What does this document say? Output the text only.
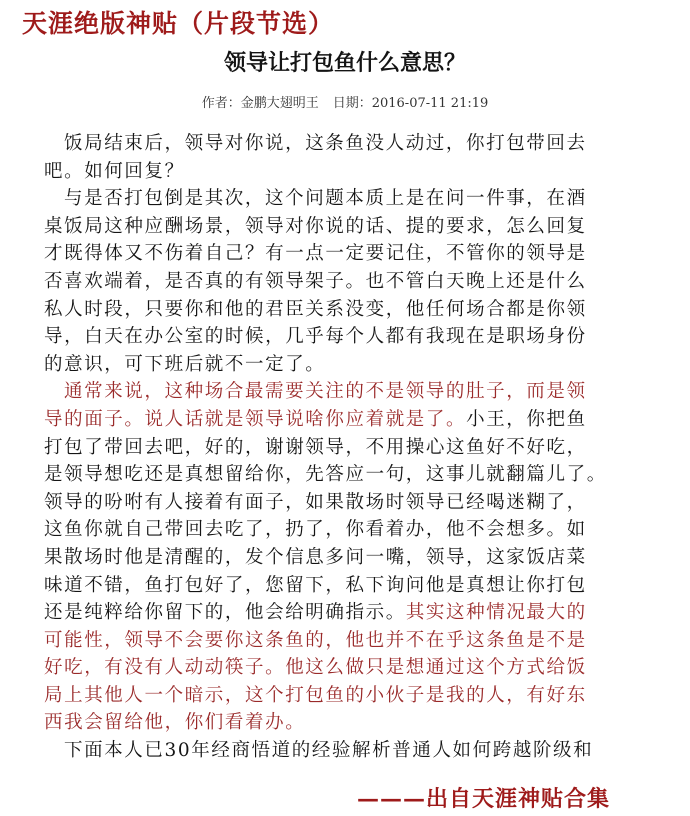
天涯绝版神贴（片段节选）
领导让打包鱼什么意思？
作者：金鹏大翅明王 日期：2016-07-11 21:19
饭局结束后，领导对你说，这条鱼没人动过，你打包带回去
吧。如何回复？
与是否打包倒是其次，这个问题本质上是在问一件事，在酒
桌饭局这种应酬场景，领导对你说的话、提的要求，怎么回复
才既得体又不伤着自己？有一点一定要记住，不管你的领导是
否喜欢端着，是否真的有领导架子。也不管白天晚上还是什么
私人时段，只要你和他的君臣关系没变，他任何场合都是你领
导，白天在办公室的时候，几乎每个人都有我现在是职场身份
的意识，可下班后就不一定了。
通常来说，这种场合最需要关注的不是领导的肚子，而是领
导的面子。说人话就是领导说啥你应着就是了。小王，你把鱼
打包了带回去吧，好的，谢谢领导，不用操心这鱼好不好吃，
是领导想吃还是真想留给你，先答应一句，这事儿就翻篇儿了。
领导的吩咐有人接着有面子，如果散场时领导已经喝迷糊了，
这鱼你就自己带回去吃了，扔了，你看着办，他不会想多。如
果散场时他是清醒的，发个信息多问一嘴，领导，这家饭店菜
味道不错，鱼打包好了，您留下，私下询问他是真想让你打包
还是纯粹给你留下的，他会给明确指示。其实这种情况最大的
可能性，领导不会要你这条鱼的，他也并不在乎这条鱼是不是
好吃，有没有人动动筷子。他这么做只是想通过这个方式给饭
局上其他人一个暗示，这个打包鱼的小伙子是我的人，有好东
西我会留给他，你们看着办。
下面本人已30年经商悟道的经验解析普通人如何跨越阶级和
———出自天涯神贴合集
